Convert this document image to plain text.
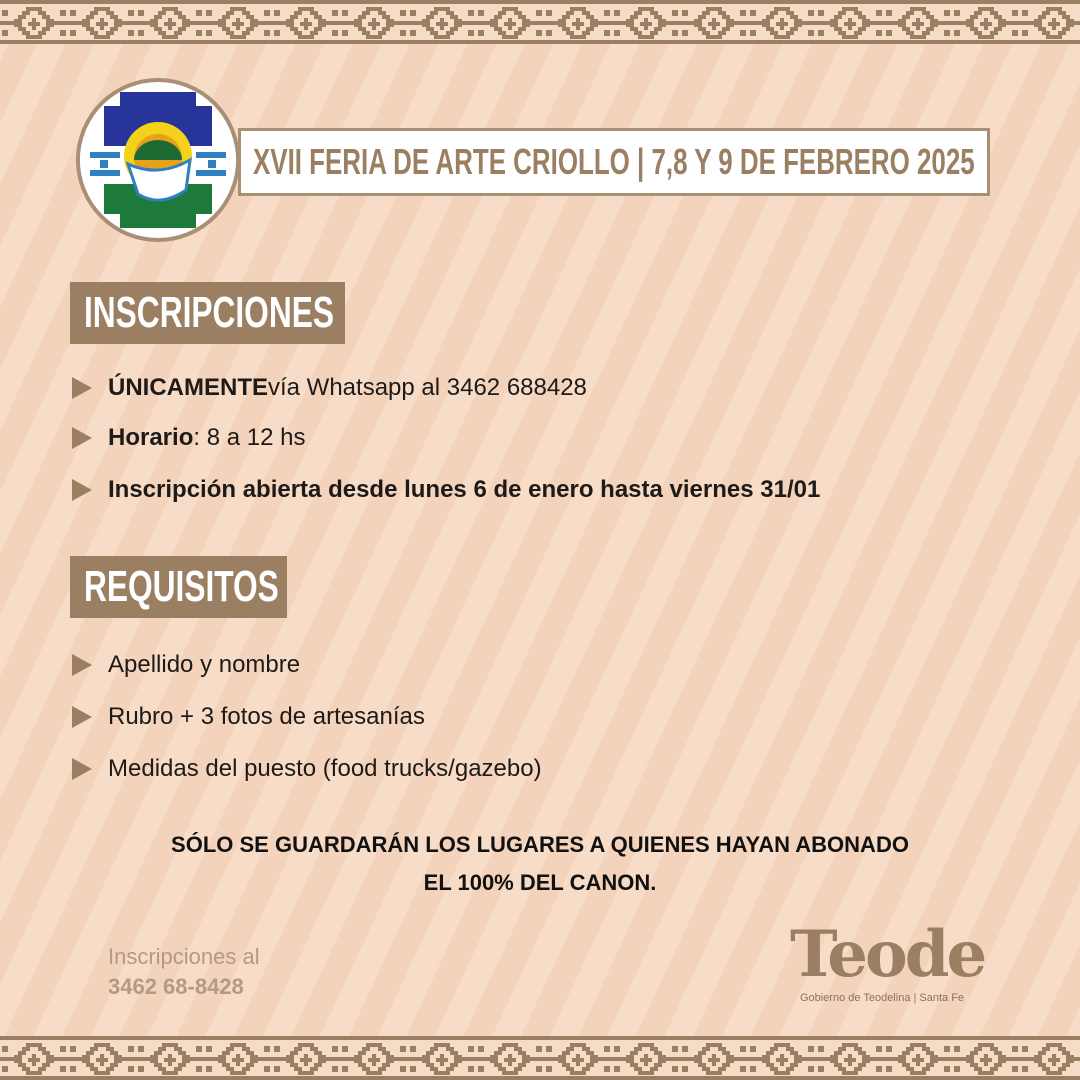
XVII FERIA DE ARTE CRIOLLO | 7,8 Y 9 DE FEBRERO 2025
INSCRIPCIONES
ÚNICAMENTE vía Whatsapp al 3462 688428
Horario : 8 a 12 hs
Inscripción abierta desde lunes 6 de enero hasta viernes 31/01
REQUISITOS
Apellido y nombre
Rubro + 3 fotos de artesanías
Medidas del puesto (food trucks/gazebo)
SÓLO SE GUARDARÁN LOS LUGARES A QUIENES HAYAN ABONADO
EL 100% DEL CANON.
Inscripciones al
3462 68-8428	Teode
Gobierno de Teodelina | Santa Fe
